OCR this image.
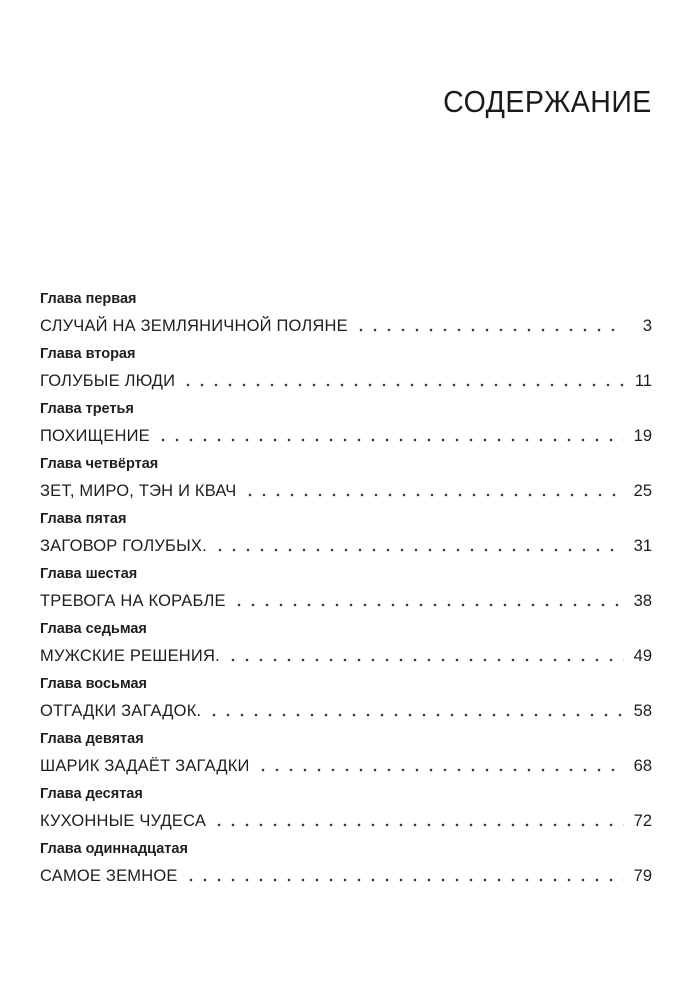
СОДЕРЖАНИЕ
Глава первая
СЛУЧАЙ НА ЗЕМЛЯНИЧНОЙ ПОЛЯНЕ	3
Глава вторая
ГОЛУБЫЕ ЛЮДИ	11
Глава третья
ПОХИЩЕНИЕ	19
Глава четвёртая
ЗЕТ, МИРО, ТЭН И КВАЧ	25
Глава пятая
ЗАГОВОР ГОЛУБЫХ.	31
Глава шестая
ТРЕВОГА НА КОРАБЛЕ	38
Глава седьмая
МУЖСКИЕ РЕШЕНИЯ.	49
Глава восьмая
ОТГАДКИ ЗАГАДОК.	58
Глава девятая
ШАРИК ЗАДАЁТ ЗАГАДКИ	68
Глава десятая
КУХОННЫЕ ЧУДЕСА	72
Глава одиннадцатая
САМОЕ ЗЕМНОЕ	79
